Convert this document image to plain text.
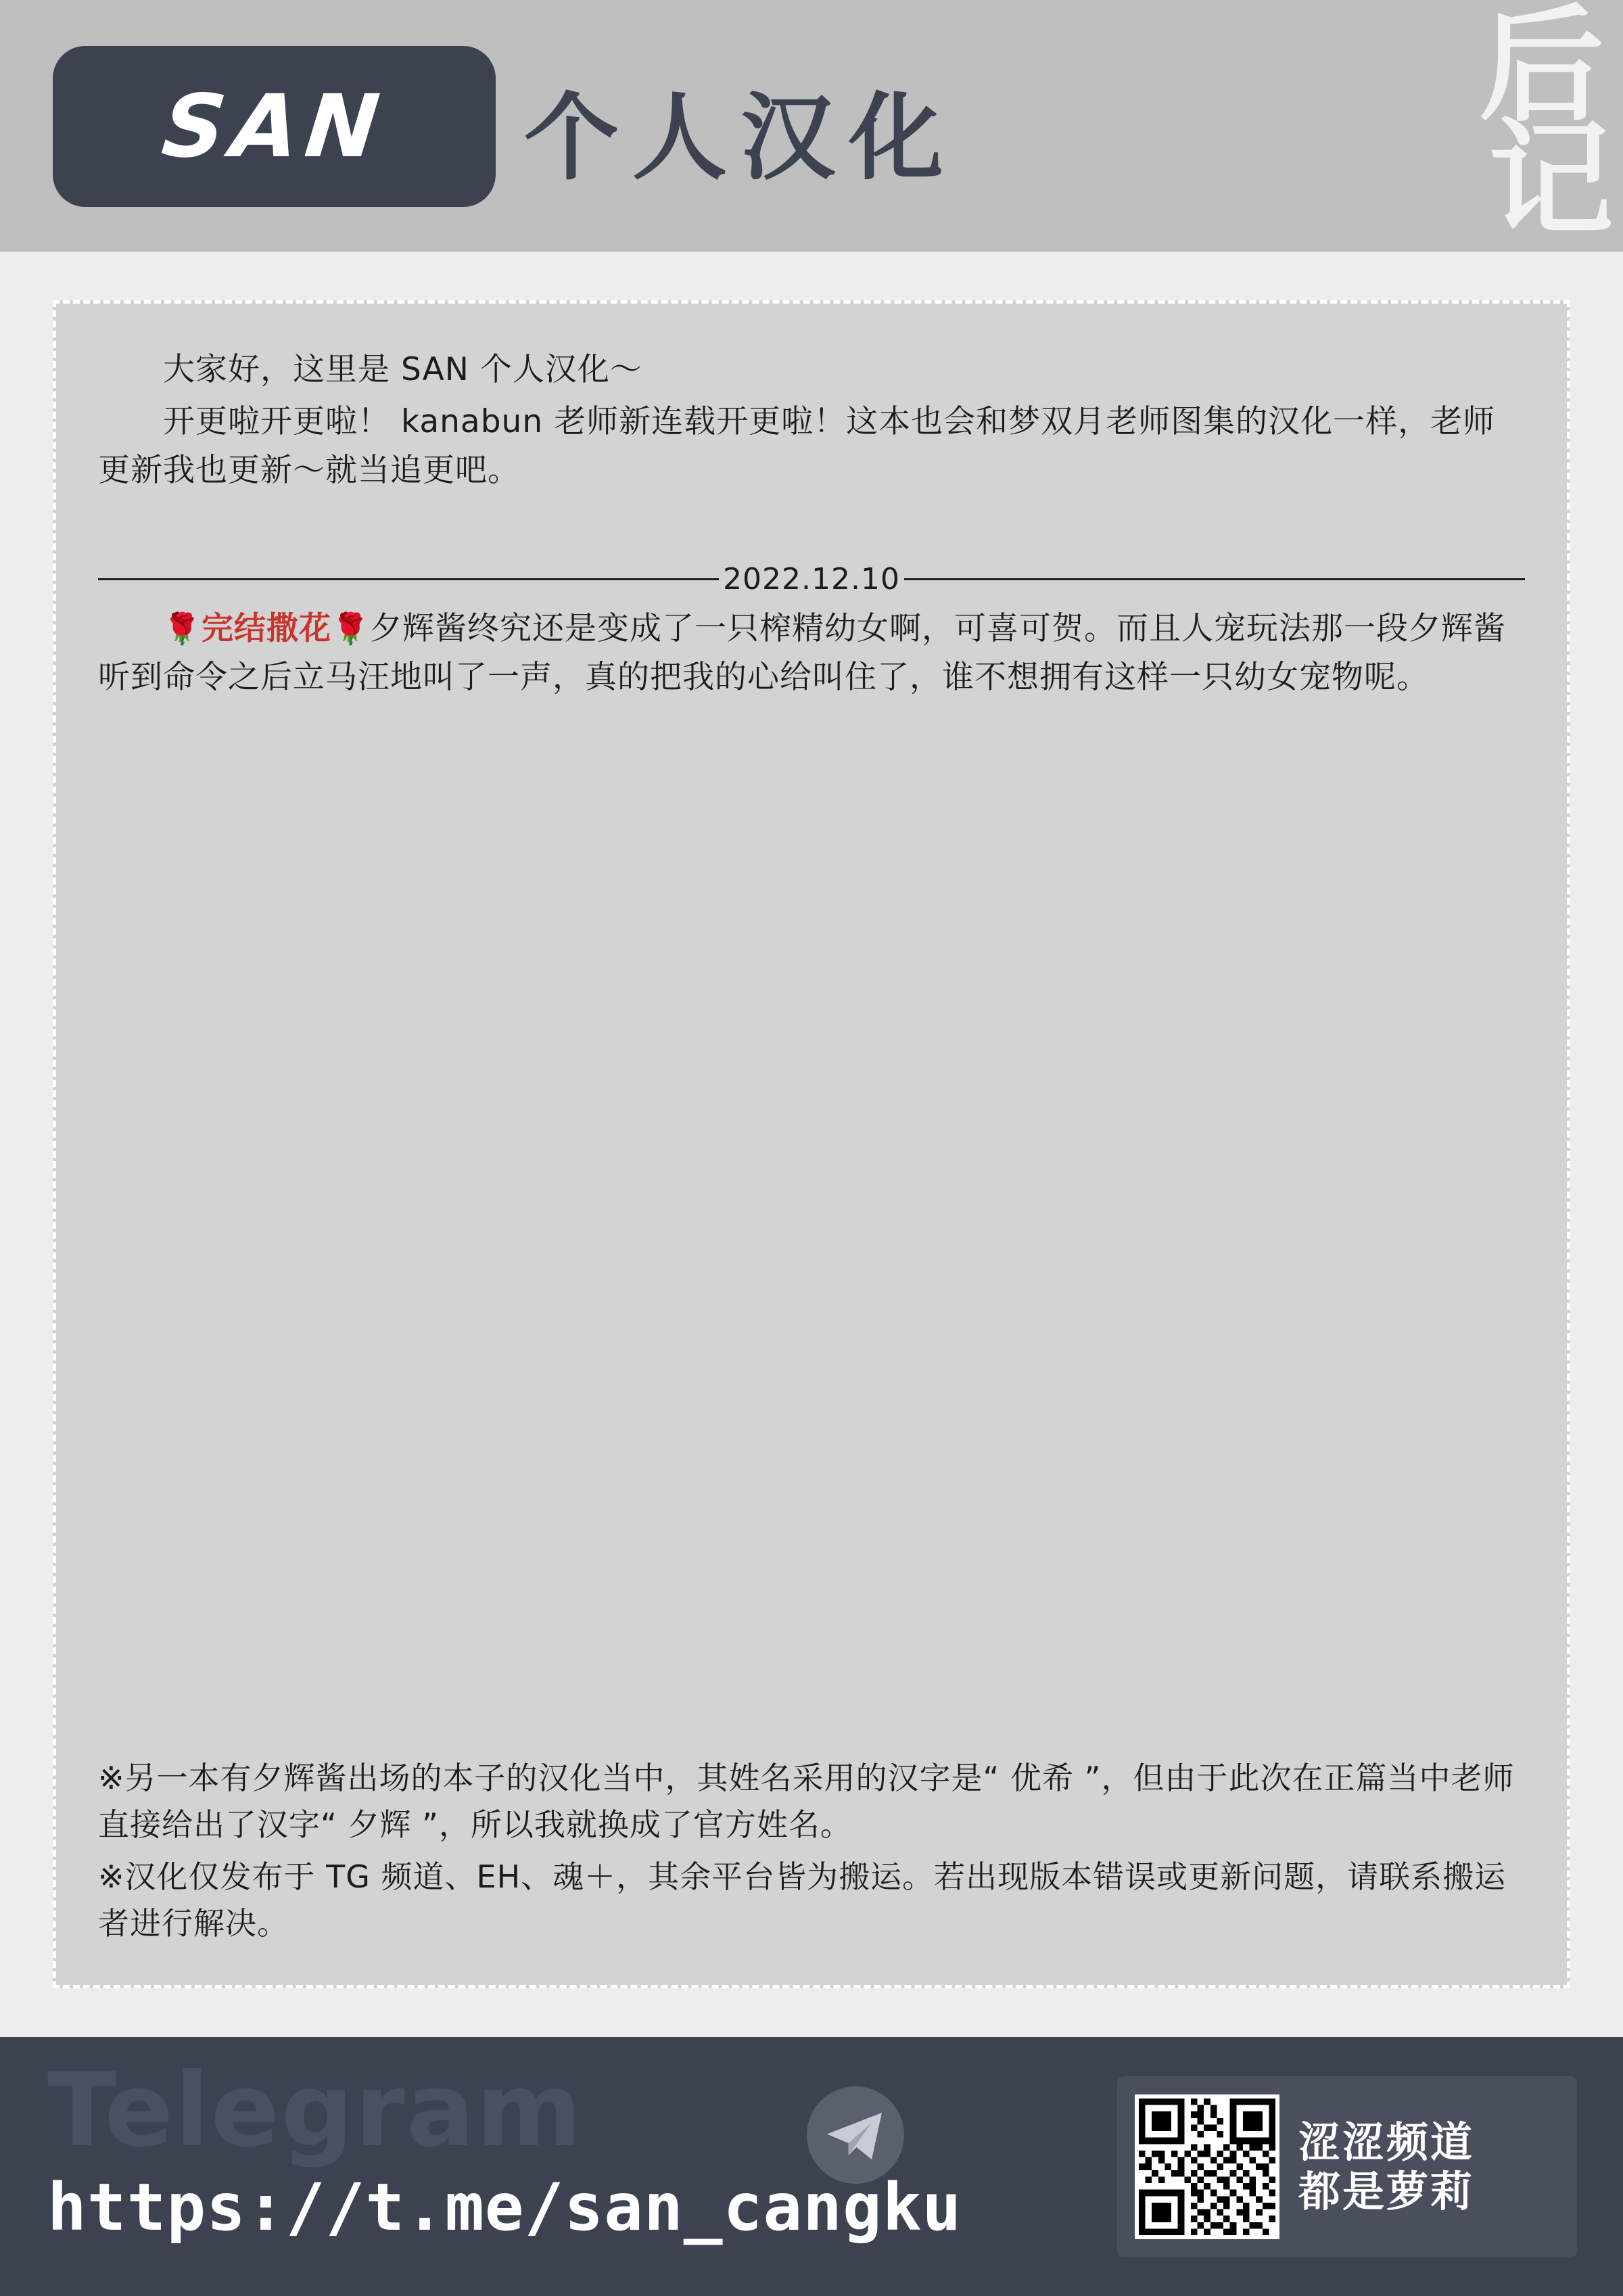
SAN 个人汉化	后
记

大家好，这里是 SAN 个人汉化～

开更啦开更啦！ kanabun 老师新连载开更啦！这本也会和梦双月老师图集的汉化一样，老师更新我也更新～就当追更吧。

2022.12.10

🌹完结撒花🌹夕辉酱终究还是变成了一只榨精幼女啊，可喜可贺。而且人宠玩法那一段夕辉酱听到命令之后立马汪地叫了一声，真的把我的心给叫住了，谁不想拥有这样一只幼女宠物呢。

※另一本有夕辉酱出场的本子的汉化当中，其姓名采用的汉字是“ 优希 ”，但由于此次在正篇当中老师直接给出了汉字“ 夕辉 ”，所以我就换成了官方姓名。

※汉化仅发布于 TG 频道、EH、魂＋，其余平台皆为搬运。若出现版本错误或更新问题，请联系搬运者进行解决。

Telegram
https://t.me/san_cangku
涩涩频道
都是萝莉
